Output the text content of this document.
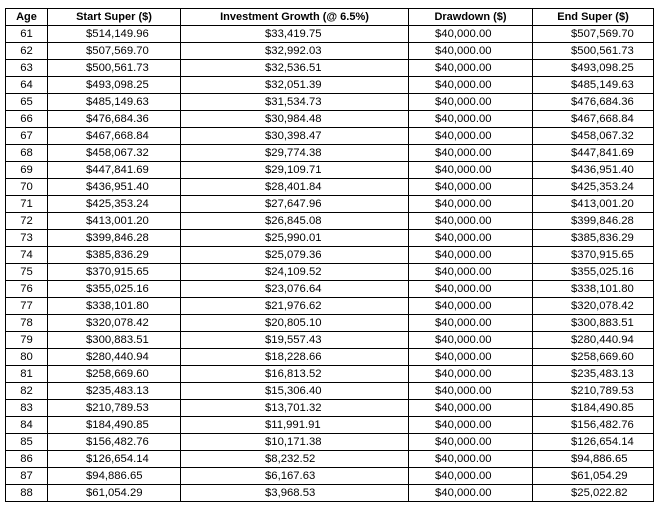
Age	Start Super ($)	Investment Growth (@ 6.5%)	Drawdown ($)	End Super ($)
61	$514,149.96	$33,419.75	$40,000.00	$507,569.70
62	$507,569.70	$32,992.03	$40,000.00	$500,561.73
63	$500,561.73	$32,536.51	$40,000.00	$493,098.25
64	$493,098.25	$32,051.39	$40,000.00	$485,149.63
65	$485,149.63	$31,534.73	$40,000.00	$476,684.36
66	$476,684.36	$30,984.48	$40,000.00	$467,668.84
67	$467,668.84	$30,398.47	$40,000.00	$458,067.32
68	$458,067.32	$29,774.38	$40,000.00	$447,841.69
69	$447,841.69	$29,109.71	$40,000.00	$436,951.40
70	$436,951.40	$28,401.84	$40,000.00	$425,353.24
71	$425,353.24	$27,647.96	$40,000.00	$413,001.20
72	$413,001.20	$26,845.08	$40,000.00	$399,846.28
73	$399,846.28	$25,990.01	$40,000.00	$385,836.29
74	$385,836.29	$25,079.36	$40,000.00	$370,915.65
75	$370,915.65	$24,109.52	$40,000.00	$355,025.16
76	$355,025.16	$23,076.64	$40,000.00	$338,101.80
77	$338,101.80	$21,976.62	$40,000.00	$320,078.42
78	$320,078.42	$20,805.10	$40,000.00	$300,883.51
79	$300,883.51	$19,557.43	$40,000.00	$280,440.94
80	$280,440.94	$18,228.66	$40,000.00	$258,669.60
81	$258,669.60	$16,813.52	$40,000.00	$235,483.13
82	$235,483.13	$15,306.40	$40,000.00	$210,789.53
83	$210,789.53	$13,701.32	$40,000.00	$184,490.85
84	$184,490.85	$11,991.91	$40,000.00	$156,482.76
85	$156,482.76	$10,171.38	$40,000.00	$126,654.14
86	$126,654.14	$8,232.52	$40,000.00	$94,886.65
87	$94,886.65	$6,167.63	$40,000.00	$61,054.29
88	$61,054.29	$3,968.53	$40,000.00	$25,022.82
